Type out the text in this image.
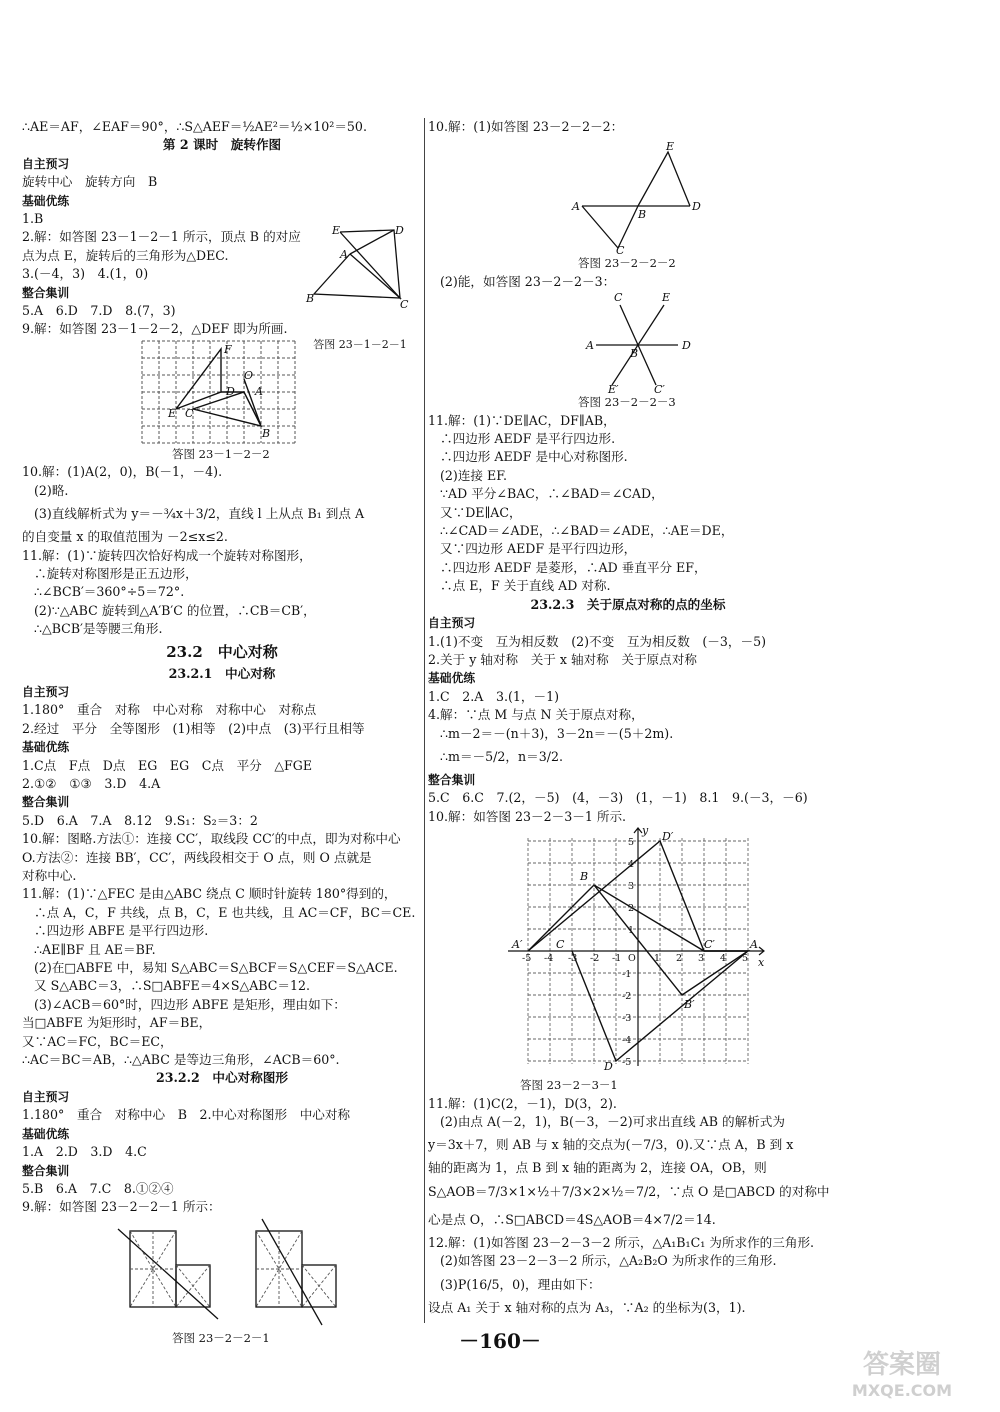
∴AE＝AF，∠EAF＝90°，∴S△AEF＝½AE²＝½×10²＝50.
第 2 课时　旋转作图
自主预习
旋转中心　旋转方向　B
基础优练
1.B
2.解：如答图 23－1－2－1 所示，顶点 B 的对应
点为点 E，旋转后的三角形为△DEC.
3.(－4，3)　4.(1，0)
整合集训
5.A　6.D　7.D　8.(7，3)
9.解：如答图 23－1－2－2，△DEF 即为所画.
F
O
D A
E C
B
答图 23－1－2－2
10.解：(1)A(2，0)，B(－1，－4).
(2)略.
(3)直线解析式为 y＝－¾x＋3/2，直线 l 上从点 B₁ 到点 A
的自变量 x 的取值范围为 －2≤x≤2.
11.解：(1)∵旋转四次恰好构成一个旋转对称图形，
∴旋转对称图形是正五边形，
∴∠BCB′＝360°÷5＝72°.
(2)∵△ABC 旋转到△A′B′C 的位置，∴CB＝CB′，
∴△BCB′是等腰三角形.
23.2　中心对称
23.2.1　中心对称
自主预习
1.180°　重合　对称　中心对称　对称中心　对称点
2.经过　平分　全等图形　(1)相等　(2)中点　(3)平行且相等
基础优练
1.C点　F点　D点　EG　EG　C点　平分　△FGE
2.①②　①③　3.D　4.A
整合集训
5.D　6.A　7.A　8.12　9.S₁：S₂＝3：2
10.解：图略.方法①：连接 CC′，取线段 CC′的中点，即为对称中心
O.方法②：连接 BB′，CC′，两线段相交于 O 点，则 O 点就是
对称中心.
11.解：(1)∵△FEC 是由△ABC 绕点 C 顺时针旋转 180°得到的，
∴点 A，C，F 共线，点 B，C，E 也共线，且 AC＝CF，BC＝CE.
∴四边形 ABFE 是平行四边形.
∴AE∥BF 且 AE＝BF.
(2)在□ABFE 中，易知 S△ABC＝S△BCF＝S△CEF＝S△ACE.
又 S△ABC＝3，∴S□ABFE＝4×S△ABC＝12.
(3)∠ACB＝60°时，四边形 ABFE 是矩形，理由如下：
当□ABFE 为矩形时，AF＝BE，
又∵AC＝FC，BC＝EC，
∴AC＝BC＝AB，∴△ABC 是等边三角形，∠ACB＝60°.
23.2.2　中心对称图形
自主预习
1.180°　重合　对称中心　B　2.中心对称图形　中心对称
基础优练
1.A　2.D　3.D　4.C
整合集训
5.B　6.A　7.C　8.①②④
9.解：如答图 23－2－2－1 所示：
答图 23－2－2－1
E	D
A
B	C
答图 23－1－2－1
10.解：(1)如答图 23－2－2－2：
A
B
D
E
C
答图 23－2－2－2
(2)能，如答图 23－2－2－3：
A	D
B
C	E
E′	C′
答图 23－2－2－3
11.解：(1)∵DE∥AC，DF∥AB，
∴四边形 AEDF 是平行四边形.
∴四边形 AEDF 是中心对称图形.
(2)连接 EF.
∵AD 平分∠BAC，∴∠BAD＝∠CAD，
又∵DE∥AC，
∴∠CAD＝∠ADE，∴∠BAD＝∠ADE，∴AE＝DE，
又∵四边形 AEDF 是平行四边形，
∴四边形 AEDF 是菱形，∴AD 垂直平分 EF，
∴点 E，F 关于直线 AD 对称.
23.2.3　关于原点对称的点的坐标
自主预习
1.(1)不变　互为相反数　(2)不变　互为相反数　(－3，－5)
2.关于 y 轴对称　关于 x 轴对称　关于原点对称
基础优练
1.C　2.A　3.(1，－1)
4.解：∵点 M 与点 N 关于原点对称，
∴m－2＝－(n＋3)，3－2n＝－(5＋2m).
∴m＝－5/2，n＝3/2.
整合集训
5.C　6.C　7.(2，－5)　(4，－3)　(1，－1)　8.1　9.(－3，－6)
10.解：如答图 23－2－3－1 所示.
y
x
A′	A
B
B′
C	C′
D′
D
-5 -4 -3 -2 -1 O 1 2 3 4 5
5
4
3
2
1
-1
-2
-3
-4
-5
答图 23－2－3－1
11.解：(1)C(2，－1)，D(3，2).
(2)由点 A(－2，1)，B(－3，－2)可求出直线 AB 的解析式为
y＝3x＋7，则 AB 与 x 轴的交点为(－7/3，0).又∵点 A，B 到 x
轴的距离为 1，点 B 到 x 轴的距离为 2，连接 OA，OB，则
S△AOB＝7/3×1×½＋7/3×2×½＝7/2，∵点 O 是□ABCD 的对称中
心是点 O，∴S□ABCD＝4S△AOB＝4×7/2＝14.
12.解：(1)如答图 23－2－3－2 所示，△A₁B₁C₁ 为所求作的三角形.
(2)如答图 23－2－3－2 所示，△A₂B₂O 为所求作的三角形.
(3)P(16/5，0)，理由如下：
设点 A₁ 关于 x 轴对称的点为 A₃，∵A₂ 的坐标为(3，1).
－160－
答案圈
MXQE.COM
